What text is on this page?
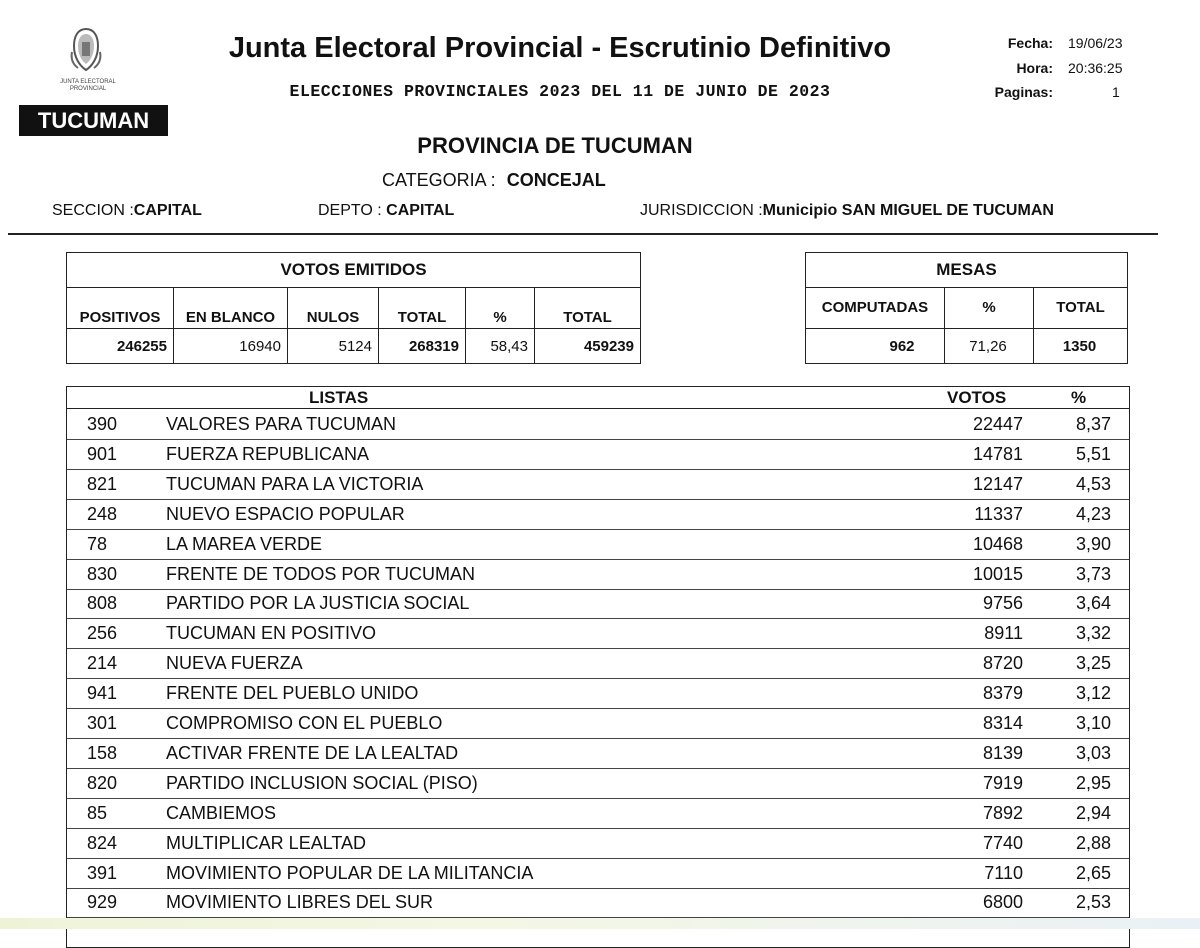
JUNTA ELECTORAL PROVINCIAL
TUCUMAN
Junta Electoral Provincial - Escrutinio Definitivo
ELECCIONES PROVINCIALES 2023 DEL 11 DE JUNIO DE 2023
Fecha: 19/06/23
Hora: 20:36:25
Paginas:	1
PROVINCIA DE TUCUMAN
CATEGORIA : CONCEJAL
SECCION :CAPITAL	DEPTO : CAPITAL	JURISDICCION :Municipio SAN MIGUEL DE TUCUMAN
VOTOS EMITIDOS					
POSITIVOS	EN BLANCO	NULOS	TOTAL	%	TOTAL
246255	16940	5124	268319	58,43	459239
MESAS		
COMPUTADAS	%	TOTAL
962	71,26	1350
LISTAS	VOTOS	%
390	VALORES PARA TUCUMAN	22447	8,37
901	FUERZA REPUBLICANA	14781	5,51
821	TUCUMAN PARA LA VICTORIA	12147	4,53
248	NUEVO ESPACIO POPULAR	11337	4,23
78	LA MAREA VERDE	10468	3,90
830	FRENTE DE TODOS POR TUCUMAN	10015	3,73
808	PARTIDO POR LA JUSTICIA SOCIAL	9756	3,64
256	TUCUMAN EN POSITIVO	8911	3,32
214	NUEVA FUERZA	8720	3,25
941	FRENTE DEL PUEBLO UNIDO	8379	3,12
301	COMPROMISO CON EL PUEBLO	8314	3,10
158	ACTIVAR FRENTE DE LA LEALTAD	8139	3,03
820	PARTIDO INCLUSION SOCIAL (PISO)	7919	2,95
85	CAMBIEMOS	7892	2,94
824	MULTIPLICAR LEALTAD	7740	2,88
391	MOVIMIENTO POPULAR DE LA MILITANCIA	7110	2,65
929	MOVIMIENTO LIBRES DEL SUR	6800	2,53
